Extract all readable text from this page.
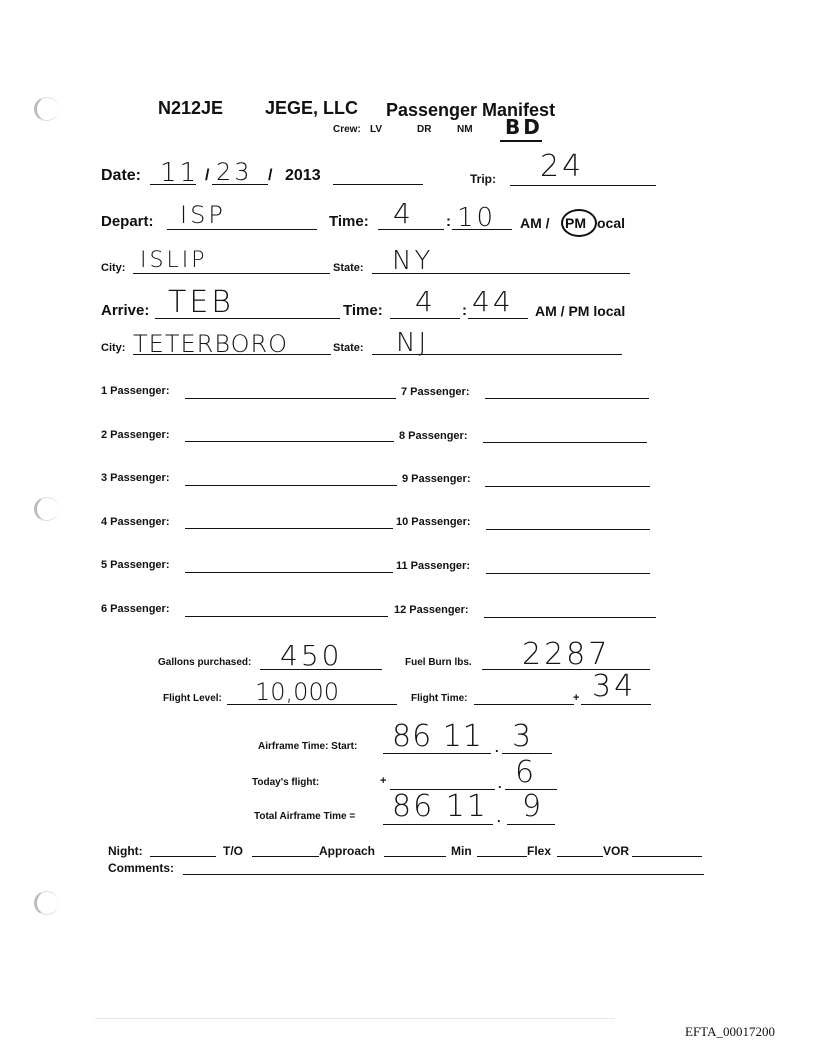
N212JE JEGE, LLC Passenger Manifest
Crew: LV	DR	NM BD
Date: 11 / 23 / 2013	Trip: 24
Depart: ISP	Time: 4 : 10 AM / PM ocal
City: ISLIP	State: NY
Arrive: TEB	Time: 4 : 44 AM / PM local
City: TETERBORO	State: NJ
1 Passenger:
2 Passenger:
3 Passenger:
4 Passenger:
5 Passenger:
6 Passenger:
7 Passenger:
8 Passenger:
9 Passenger:
10 Passenger:
11 Passenger:
12 Passenger:
Gallons purchased: 450	Fuel Burn lbs. 2287
Flight Level: 10,000	Flight Time:	+ 34
Airframe Time: Start: 86 11 . 3
Today's flight:	+	. 6
Total Airframe Time = 86 11 . 9
Night:	T/O	Approach	Min	Flex	VOR
Comments:
EFTA_00017200
